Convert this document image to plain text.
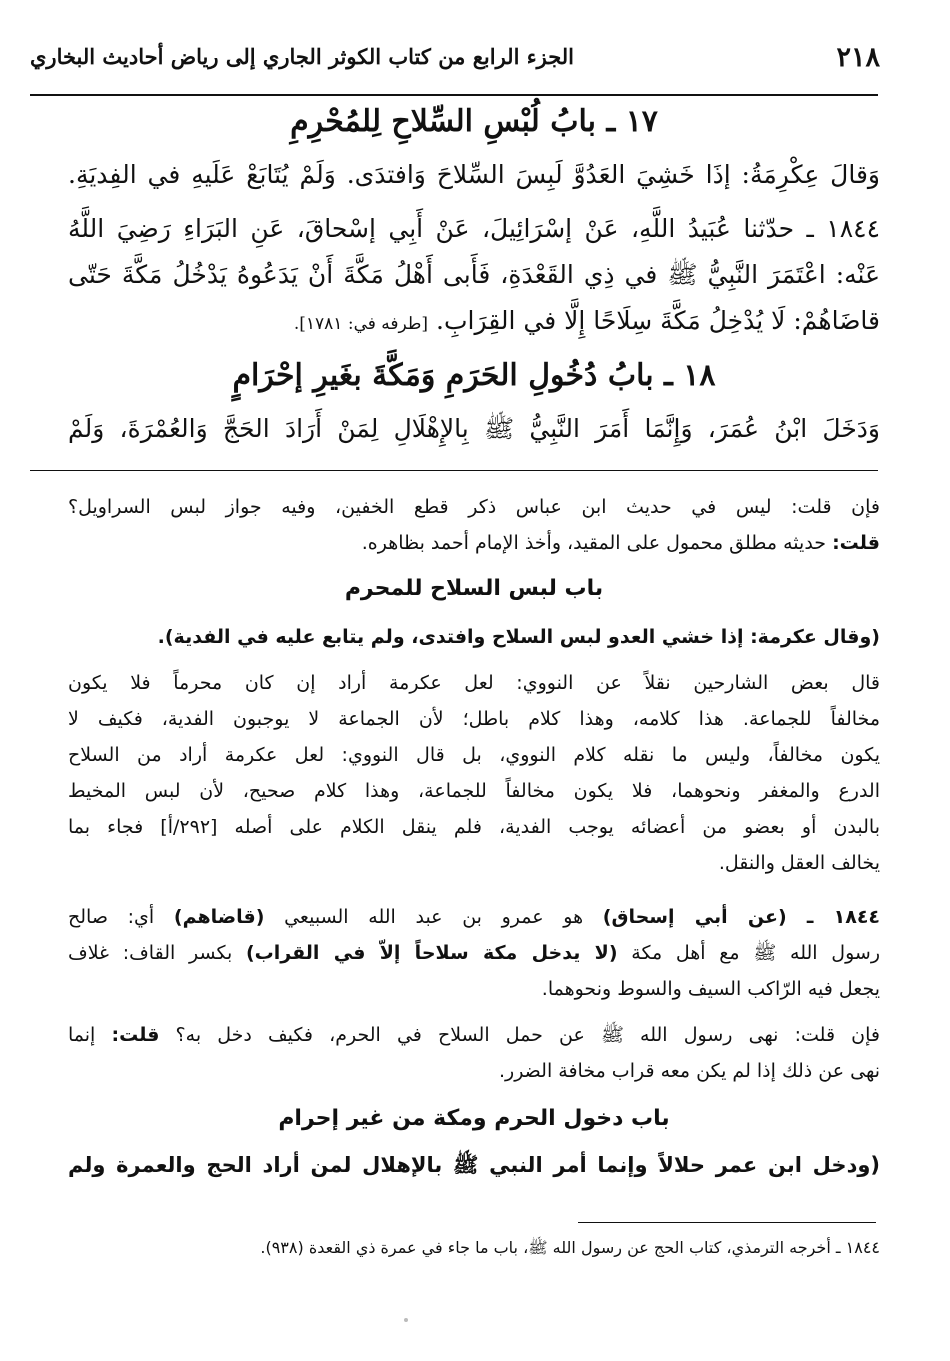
٢١٨
الجزء الرابع من كتاب الكوثر الجاري إلى رياض أحاديث البخاري
١٧ ـ بابُ لُبْسِ السِّلاحِ لِلمُحْرِمِ
وَقالَ عِكْرِمَةُ: إذَا خَشِيَ العَدُوَّ لَبِسَ السِّلاحَ وَافتدَى. وَلَمْ يُتَابَعْ عَلَيهِ في الفِديَةِ.
١٨٤٤ ـ حدّثنا عُبَيدُ اللَّهِ، عَنْ إسْرَائِيلَ، عَنْ أَبِي إسْحاقَ، عَنِ البَرَاءِ رَضِيَ اللَّهُ
عَنْه: اعْتَمَرَ النَّبِيُّ ﷺ في ذِي القَعْدَةِ، فَأَبى أَهْلُ مَكَّةَ أَنْ يَدَعُوهُ يَدْخُلُ مَكَّةَ حَتّى
قاضَاهُمْ: لَا يُدْخِلُ مَكَّةَ سِلَاحًا إِلَّا في القِرَابِ. [طرفه في: ١٧٨١].
١٨ ـ بابُ دُخُولِ الحَرَمِ وَمَكَّةَ بغَيرِ إحْرَامٍ
وَدَخَلَ ابْنُ عُمَرَ، وَإِنَّمَا أَمَرَ النَّبِيُّ ﷺ بِالإِهْلَالِ لِمَنْ أَرَادَ الحَجَّ وَالعُمْرَةَ، وَلَمْ
فإن قلت: ليس في حديث ابن عباس ذكر قطع الخفين، وفيه جواز لبس السراويل؟
قلت: حديثه مطلق محمول على المقيد، وأخذ الإمام أحمد بظاهره.
باب لبس السلاح للمحرم
(وقال عكرمة: إذا خشي العدو لبس السلاح وافتدى، ولم يتابع عليه في الفدية).
قال بعض الشارحين نقلاً عن النووي: لعل عكرمة أراد إن كان محرماً فلا يكون
مخالفاً للجماعة. هذا كلامه، وهذا كلام باطل؛ لأن الجماعة لا يوجبون الفدية، فكيف لا
يكون مخالفاً، وليس ما نقله كلام النووي، بل قال النووي: لعل عكرمة أراد من السلاح
الدرع والمغفر ونحوهما، فلا يكون مخالفاً للجماعة، وهذا كلام صحيح، لأن لبس المخيط
بالبدن أو بعضو من أعضائه يوجب الفدية، فلم ينقل الكلام على أصله [٢٩٢/أ] فجاء بما
يخالف العقل والنقل.
١٨٤٤ ـ (عن أبي إسحاق) هو عمرو بن عبد الله السبيعي (قاضاهم) أي: صالح
رسول الله ﷺ مع أهل مكة (لا يدخل مكة سلاحاً إلاّ في القراب) بكسر القاف: غلاف
يجعل فيه الرّاكب السيف والسوط ونحوهما.
فإن قلت: نهى رسول الله ﷺ عن حمل السلاح في الحرم، فكيف دخل به؟ قلت: إنما
نهى عن ذلك إذا لم يكن معه قراب مخافة الضرر.
باب دخول الحرم ومكة من غير إحرام
(ودخل ابن عمر حلالاً وإنما أمر النبي ﷺ بالإهلال لمن أراد الحج والعمرة ولم
١٨٤٤ ـ أخرجه الترمذي، كتاب الحج عن رسول الله ﷺ، باب ما جاء في عمرة ذي القعدة (٩٣٨).
